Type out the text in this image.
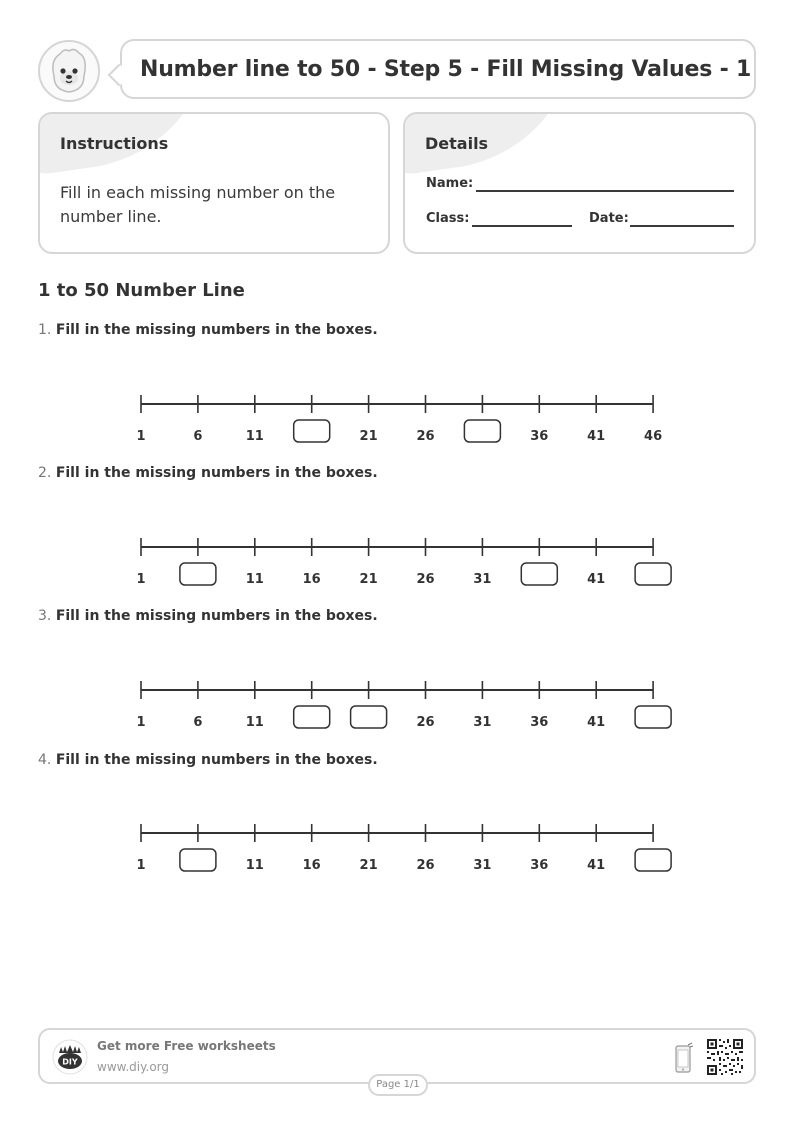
Number line to 50 - Step 5 - Fill Missing Values - 1
Instructions
Fill in each missing number on the number line.
Details
Name:
Class:	Date:
1 to 50 Number Line
1. Fill in the missing numbers in the boxes.
1	6	11	21	26	36	41	46
2. Fill in the missing numbers in the boxes.
1	11	16	21	26	31	41
3. Fill in the missing numbers in the boxes.
1	6	11	26	31	36	41
4. Fill in the missing numbers in the boxes.
1	11	16	21	26	31	36	41
DIY
Get more Free worksheets
www.diy.org
Page 1/1
